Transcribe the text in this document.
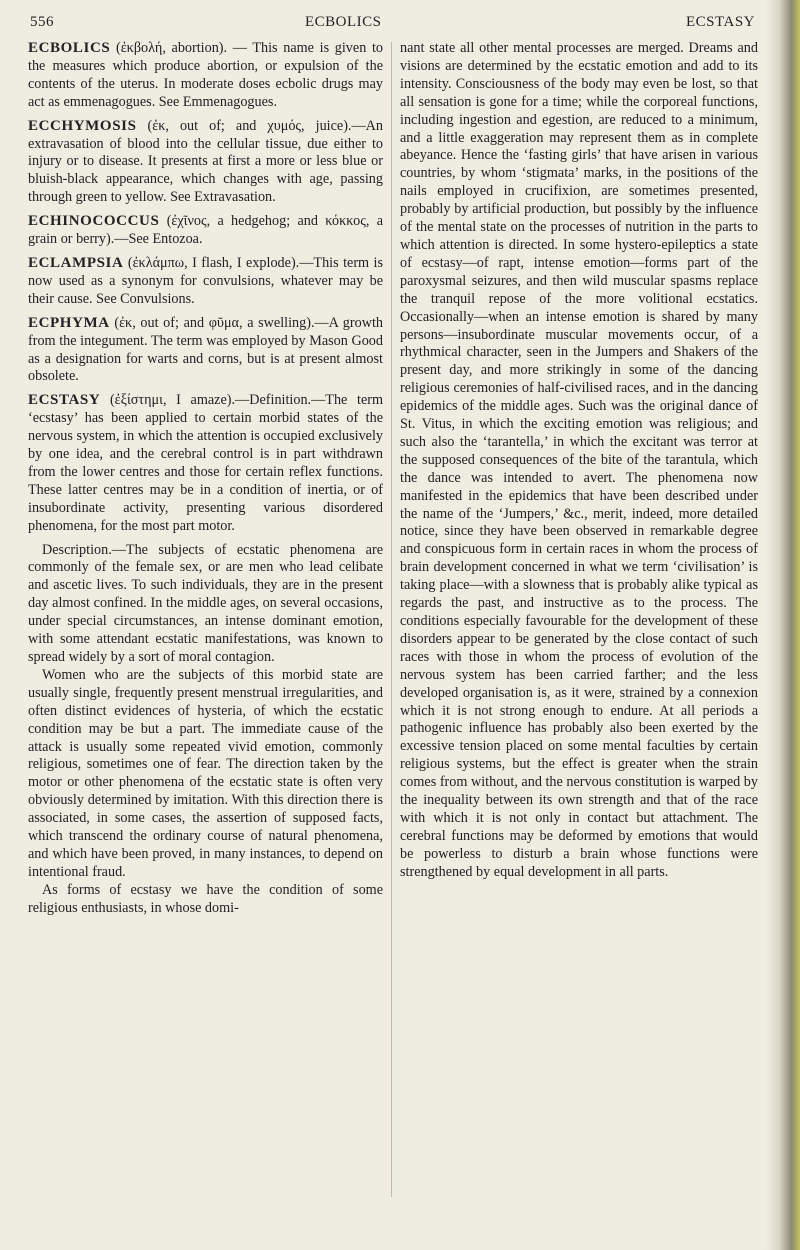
556	ECBOLICS	ECSTASY

ECBOLICS (ἐκβολή, abortion). — This name is given to the measures which produce abortion, or expulsion of the contents of the uterus. In moderate doses ecbolic drugs may act as emmenagogues. See Emmenagogues.

ECCHYMOSIS (ἐκ, out of; and χυμός, juice).—An extravasation of blood into the cellular tissue, due either to injury or to disease. It presents at first a more or less blue or bluish-black appearance, which changes with age, passing through green to yellow. See Extravasation.

ECHINOCOCCUS (ἐχῖνος, a hedgehog; and κόκκος, a grain or berry).—See Entozoa.

ECLAMPSIA (ἐκλάμπω, I flash, I explode).—This term is now used as a synonym for convulsions, whatever may be their cause. See Convulsions.

ECPHYMA (ἐκ, out of; and φῦμα, a swelling).—A growth from the integument. The term was employed by Mason Good as a designation for warts and corns, but is at present almost obsolete.

ECSTASY (ἐξίστημι, I amaze).—Definition.—The term ‘ecstasy’ has been applied to certain morbid states of the nervous system, in which the attention is occupied exclusively by one idea, and the cerebral control is in part withdrawn from the lower centres and those for certain reflex functions. These latter centres may be in a condition of inertia, or of insubordinate activity, presenting various disordered phenomena, for the most part motor.

Description.—The subjects of ecstatic phenomena are commonly of the female sex, or are men who lead celibate and ascetic lives. To such individuals, they are in the present day almost confined. In the middle ages, on several occasions, under special circumstances, an intense dominant emotion, with some attendant ecstatic manifestations, was known to spread widely by a sort of moral contagion.

Women who are the subjects of this morbid state are usually single, frequently present menstrual irregularities, and often distinct evidences of hysteria, of which the ecstatic condition may be but a part. The immediate cause of the attack is usually some repeated vivid emotion, commonly religious, sometimes one of fear. The direction taken by the motor or other phenomena of the ecstatic state is often very obviously determined by imitation. With this direction there is associated, in some cases, the assertion of supposed facts, which transcend the ordinary course of natural phenomena, and which have been proved, in many instances, to depend on intentional fraud.

As forms of ecstasy we have the condition of some religious enthusiasts, in whose domi-

nant state all other mental processes are merged. Dreams and visions are determined by the ecstatic emotion and add to its intensity. Consciousness of the body may even be lost, so that all sensation is gone for a time; while the corporeal functions, including ingestion and egestion, are reduced to a minimum, and a little exaggeration may represent them as in complete abeyance. Hence the ‘fasting girls’ that have arisen in various countries, by whom ‘stigmata’ marks, in the positions of the nails employed in crucifixion, are sometimes presented, probably by artificial production, but possibly by the influence of the mental state on the processes of nutrition in the parts to which attention is directed. In some hystero-epileptics a state of ecstasy—of rapt, intense emotion—forms part of the paroxysmal seizures, and then wild muscular spasms replace the tranquil repose of the more volitional ecstatics. Occasionally—when an intense emotion is shared by many persons—insubordinate muscular movements occur, of a rhythmical character, seen in the Jumpers and Shakers of the present day, and more strikingly in some of the dancing religious ceremonies of half-civilised races, and in the dancing epidemics of the middle ages. Such was the original dance of St. Vitus, in which the exciting emotion was religious; and such also the ‘tarantella,’ in which the excitant was terror at the supposed consequences of the bite of the tarantula, which the dance was intended to avert. The phenomena now manifested in the epidemics that have been described under the name of the ‘Jumpers,’ &c., merit, indeed, more detailed notice, since they have been observed in remarkable degree and conspicuous form in certain races in whom the process of brain development concerned in what we term ‘civilisation’ is taking place—with a slowness that is probably alike typical as regards the past, and instructive as to the process. The conditions especially favourable for the development of these disorders appear to be generated by the close contact of such races with those in whom the process of evolution of the nervous system has been carried farther; and the less developed organisation is, as it were, strained by a connexion which it is not strong enough to endure. At all periods a pathogenic influence has probably also been exerted by the excessive tension placed on some mental faculties by certain religious systems, but the effect is greater when the strain comes from without, and the nervous constitution is warped by the inequality between its own strength and that of the race with which it is not only in contact but attachment. The cerebral functions may be deformed by emotions that would be powerless to disturb a brain whose functions were strengthened by equal development in all parts.
